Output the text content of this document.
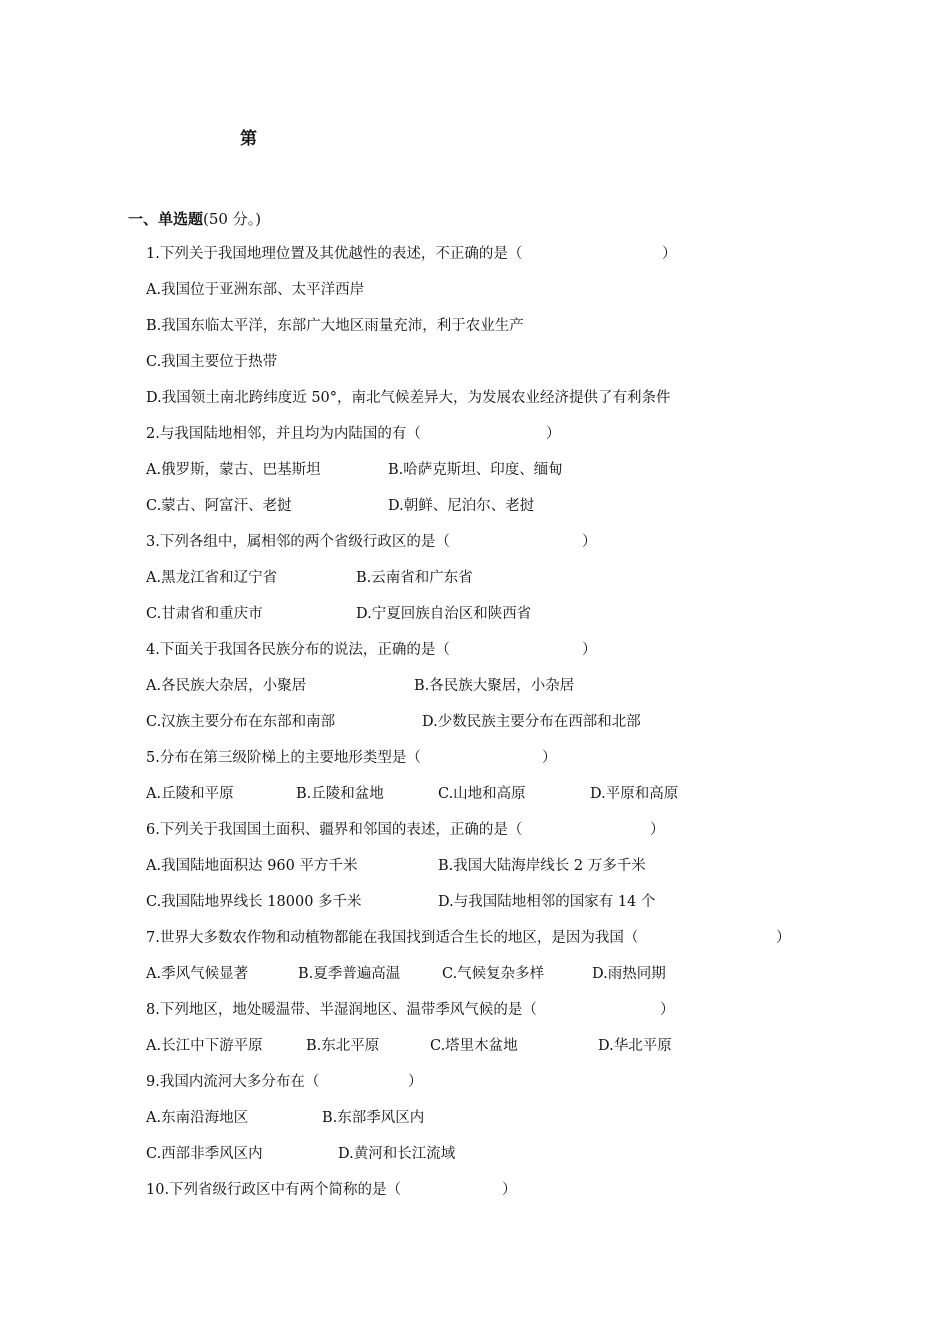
第
一、单选题(50 分。)
1.下列关于我国地理位置及其优越性的表述，不正确的是（	）
A.我国位于亚洲东部、太平洋西岸
B.我国东临太平洋，东部广大地区雨量充沛，利于农业生产
C.我国主要位于热带
D.我国领土南北跨纬度近 50°，南北气候差异大，为发展农业经济提供了有利条件
2.与我国陆地相邻，并且均为内陆国的有（	）
A.俄罗斯，蒙古、巴基斯坦	B.哈萨克斯坦、印度、缅甸
C.蒙古、阿富汗、老挝	D.朝鲜、尼泊尔、老挝
3.下列各组中，属相邻的两个省级行政区的是（	）
A.黑龙江省和辽宁省	B.云南省和广东省
C.甘肃省和重庆市	D.宁夏回族自治区和陕西省
4.下面关于我国各民族分布的说法，正确的是（	）
A.各民族大杂居，小聚居	B.各民族大聚居，小杂居
C.汉族主要分布在东部和南部	D.少数民族主要分布在西部和北部
5.分布在第三级阶梯上的主要地形类型是（	）
A.丘陵和平原	B.丘陵和盆地	C.山地和高原	D.平原和高原
6.下列关于我国国土面积、疆界和邻国的表述，正确的是（	）
A.我国陆地面积达 960 平方千米	B.我国大陆海岸线长 2 万多千米
C.我国陆地界线长 18000 多千米	D.与我国陆地相邻的国家有 14 个
7.世界大多数农作物和动植物都能在我国找到适合生长的地区，是因为我国（	）
A.季风气候显著	B.夏季普遍高温	C.气候复杂多样	D.雨热同期
8.下列地区，地处暖温带、半湿润地区、温带季风气候的是（	）
A.长江中下游平原	B.东北平原	C.塔里木盆地	D.华北平原
9.我国内流河大多分布在（	）
A.东南沿海地区	B.东部季风区内
C.西部非季风区内	D.黄河和长江流域
10.下列省级行政区中有两个简称的是（	）
